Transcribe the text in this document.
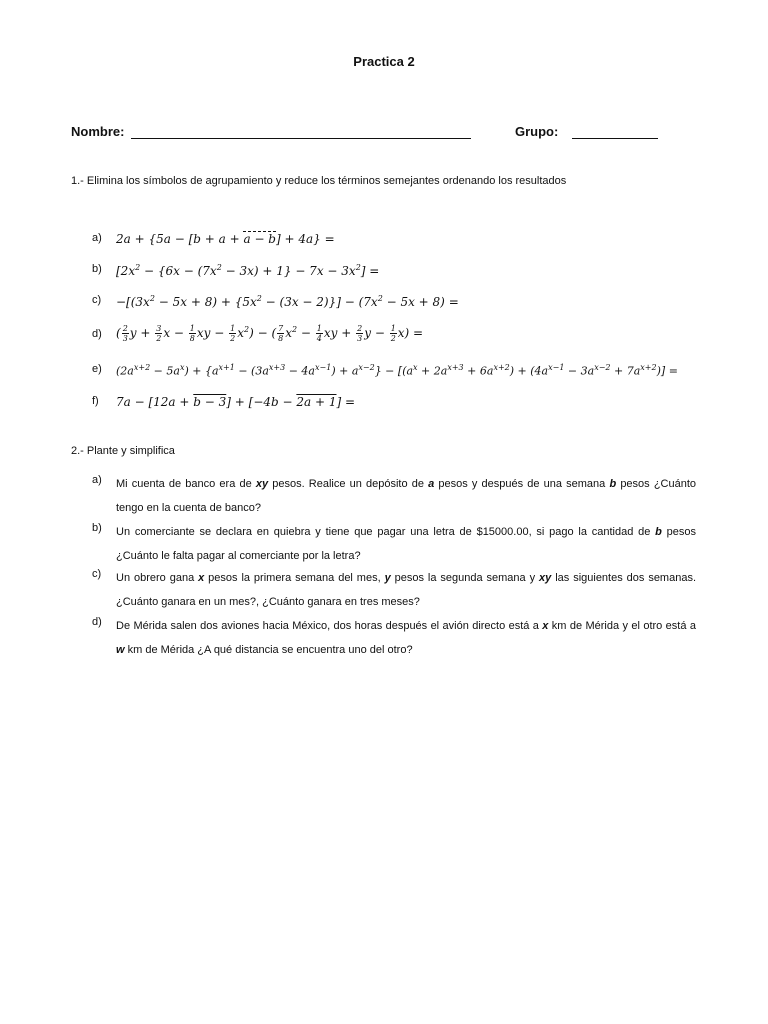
Practica 2
Nombre:	Grupo:
1.- Elimina los símbolos de agrupamiento y reduce los términos semejantes ordenando los resultados
a)	2a + {5a − [b + a + a − b] + 4a} =
b)	$[2x^2 - \{6x - (7x^2 - 3x) + 1\} - 7x - 3x^2]$ =
c)	$-[(3x^2 - 5x + 8) + \{5x^2 - (3x - 2)\}] - (7x^2 - 5x + 8)$ =
d)	( $\frac{2}{3}$ $y + \frac{3}{2}$ $x - \frac{1}{8}$ xy − $\frac{1}{2} x^2$) − ( $\frac{7}{8} x^2 - \frac{1}{4}$ xy + $\frac{2}{3}$ $y - \frac{1}{2} x$) =
e)	$(2a^{x+2} - 5a^x) + \{a^{x+1} - (3a^{x+3} - 4a^{x-1}) + a^{x-2}\} - [(a^x + 2a^{x+3} + 6a^{x+2}) + (4a^{x-1} - 3a^{x-2} + 7a^{x+2})]$ =
f)	7a − [12a + b − 3] + [−4b − 2a + 1] =
2.- Plante y simplifica
a)	Mi cuenta de banco era de xy pesos. Realice un depósito de a pesos y después de una semana b pesos ¿Cuánto tengo en la cuenta de banco?
b)	Un comerciante se declara en quiebra y tiene que pagar una letra de $15000.00, si pago la cantidad de b pesos ¿Cuánto le falta pagar al comerciante por la letra?
c)	Un obrero gana x pesos la primera semana del mes, y pesos la segunda semana y xy las siguientes dos semanas. ¿Cuánto ganara en un mes?, ¿Cuánto ganara en tres meses?
d)	De Mérida salen dos aviones hacia México, dos horas después el avión directo está a x km de Mérida y el otro está a w km de Mérida ¿A qué distancia se encuentra uno del otro?
